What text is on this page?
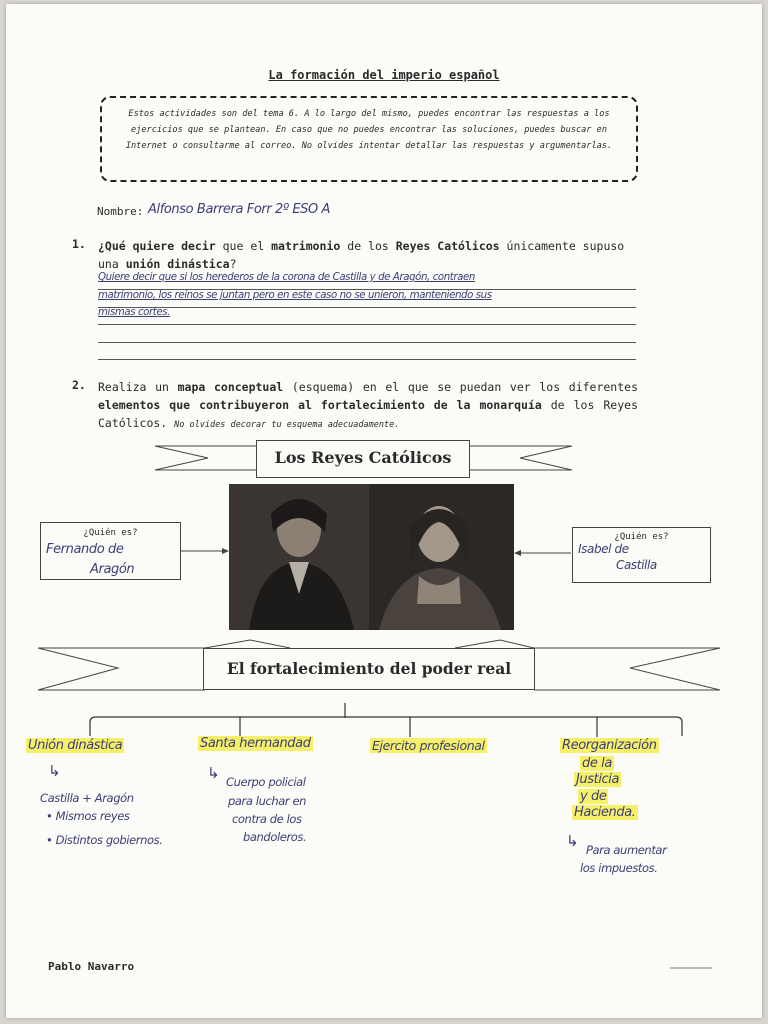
La formación del imperio español
Estos actividades son del tema 6. A lo largo del mismo, puedes encontrar las respuestas a los ejercicios que se plantean. En caso que no puedes encontrar las soluciones, puedes buscar en Internet o consultarme al correo. No olvides intentar detallar las respuestas y argumentarlas.
Nombre: Alfonso Barrera Forr 2º ESO A
1. ¿Qué quiere decir que el matrimonio de los Reyes Católicos únicamente supuso una unión dinástica?
Quiere decir que si los herederos de la corona de Castilla y de Aragón, contraen
matrimonio, los reinos se juntan pero en este caso no se unieron, manteniendo sus
mismas cortes.
2. Realiza un mapa conceptual (esquema) en el que se puedan ver los diferentes elementos que contribuyeron al fortalecimiento de la monarquía de los Reyes Católicos. No olvides decorar tu esquema adecuadamente.
Los Reyes Católicos
¿Quién es?
Fernando de
Aragón
¿Quién es?
Isabel de
Castilla
El fortalecimiento del poder real
Unión dinástica
↳
Castilla + Aragón
• Mismos reyes
• Distintos gobiernos.
Santa hermandad
↳ Cuerpo policial
para luchar en
contra de los
bandoleros.
Ejercito profesional	Reorganización
de la
Justicia
y de
Hacienda.
↳ Para aumentar
los impuestos.
Pablo Navarro
